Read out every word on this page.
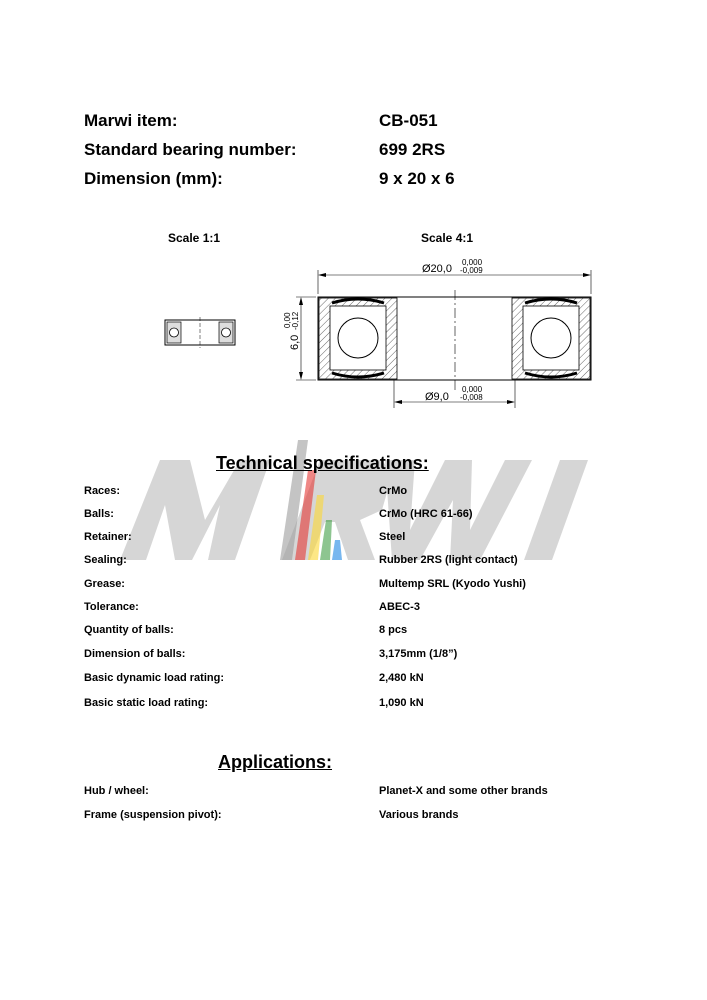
Marwi item:	CB-051
Standard bearing number:	699 2RS
Dimension (mm):	9 x 20 x 6
Scale 1:1	Scale 4:1
Ø20,0
0,000
-0,009
6,0
0,00 -0,12
Ø9,0
0,000
-0,008
Technical specifications:
Races:	CrMo
Balls:	CrMo (HRC 61-66)
Retainer:	Steel
Sealing:	Rubber 2RS (light contact)
Grease:	Multemp SRL (Kyodo Yushi)
Tolerance:	ABEC-3
Quantity of balls:	8 pcs
Dimension of balls:	3,175mm (1/8”)
Basic dynamic load rating:	2,480 kN
Basic static load rating:	1,090 kN
Applications:
Hub / wheel:	Planet-X and some other brands
Frame (suspension pivot):	Various brands
